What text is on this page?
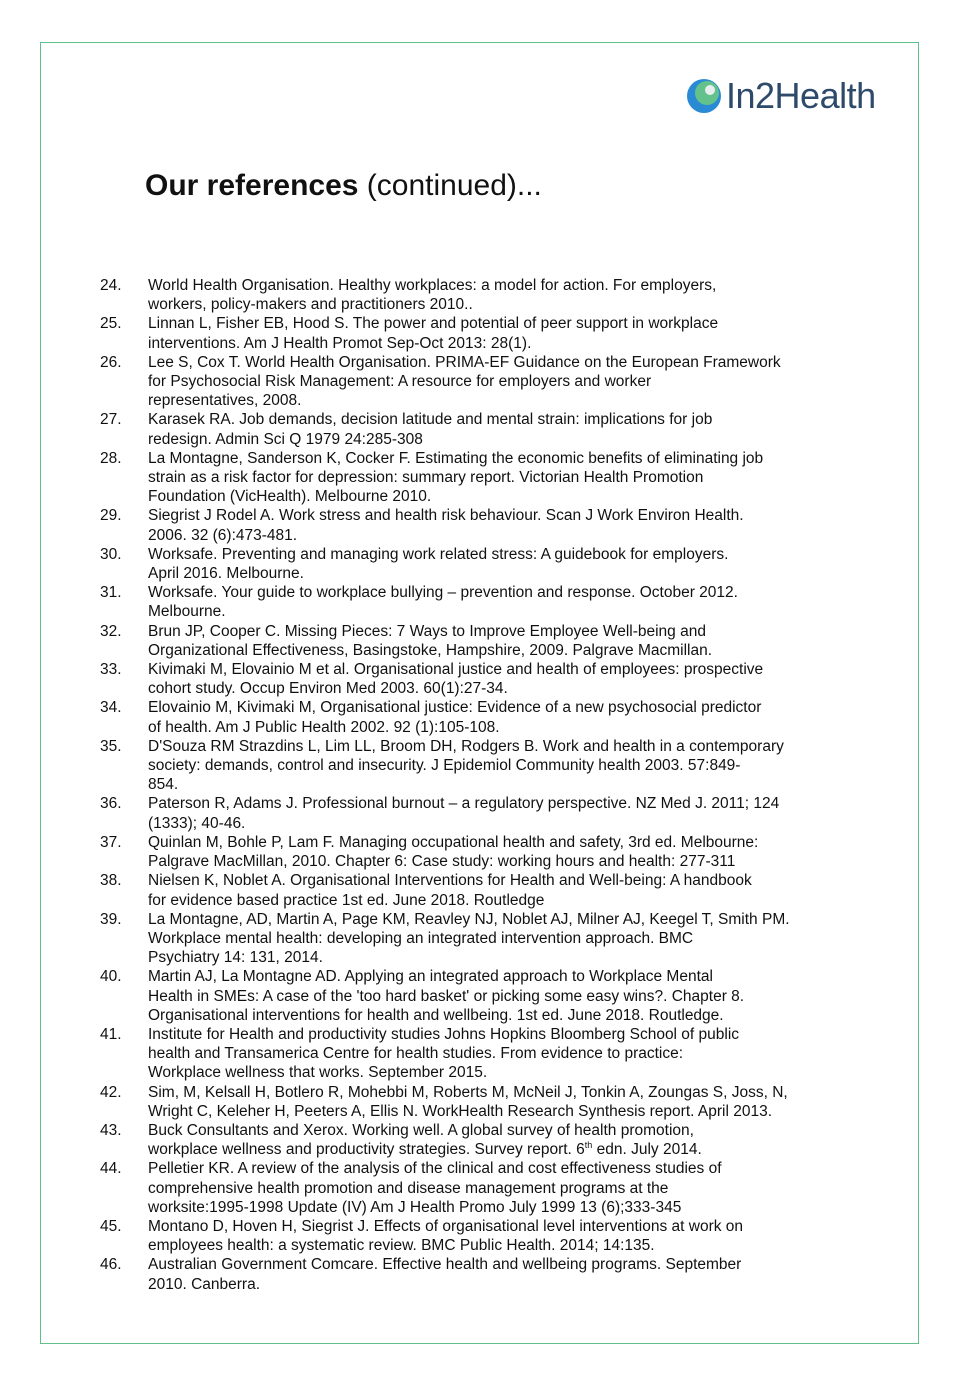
In2Health
Our references (continued)...
24.	World Health Organisation. Healthy workplaces: a model for action. For employers,
workers, policy-makers and practitioners 2010..
25.	Linnan L, Fisher EB, Hood S. The power and potential of peer support in workplace
interventions. Am J Health Promot Sep-Oct 2013: 28(1).
26.	Lee S, Cox T. World Health Organisation. PRIMA-EF Guidance on the European Framework
for Psychosocial Risk Management: A resource for employers and worker
representatives, 2008.
27.	Karasek RA. Job demands, decision latitude and mental strain: implications for job
redesign. Admin Sci Q 1979 24:285-308
28.	La Montagne, Sanderson K, Cocker F. Estimating the economic benefits of eliminating job
strain as a risk factor for depression: summary report. Victorian Health Promotion
Foundation (VicHealth). Melbourne 2010.
29.	Siegrist J Rodel A. Work stress and health risk behaviour. Scan J Work Environ Health.
2006. 32 (6):473-481.
30.	Worksafe. Preventing and managing work related stress: A guidebook for employers.
April 2016. Melbourne.
31.	Worksafe. Your guide to workplace bullying – prevention and response. October 2012.
Melbourne.
32.	Brun JP, Cooper C. Missing Pieces: 7 Ways to Improve Employee Well-being and
Organizational Effectiveness, Basingstoke, Hampshire, 2009. Palgrave Macmillan.
33.	Kivimaki M, Elovainio M et al. Organisational justice and health of employees: prospective
cohort study. Occup Environ Med 2003. 60(1):27-34.
34.	Elovainio M, Kivimaki M, Organisational justice: Evidence of a new psychosocial predictor
of health. Am J Public Health 2002. 92 (1):105-108.
35.	D'Souza RM Strazdins L, Lim LL, Broom DH, Rodgers B. Work and health in a contemporary
society: demands, control and insecurity. J Epidemiol Community health 2003. 57:849-
854.
36.	Paterson R, Adams J. Professional burnout – a regulatory perspective. NZ Med J. 2011; 124
(1333); 40-46.
37.	Quinlan M, Bohle P, Lam F. Managing occupational health and safety, 3rd ed. Melbourne:
Palgrave MacMillan, 2010. Chapter 6: Case study: working hours and health: 277-311
38.	Nielsen K, Noblet A. Organisational Interventions for Health and Well-being: A handbook
for evidence based practice 1st ed. June 2018. Routledge
39.	La Montagne, AD, Martin A, Page KM, Reavley NJ, Noblet AJ, Milner AJ, Keegel T, Smith PM.
Workplace mental health: developing an integrated intervention approach. BMC
Psychiatry 14: 131, 2014.
40.	Martin AJ, La Montagne AD. Applying an integrated approach to Workplace Mental
Health in SMEs: A case of the 'too hard basket' or picking some easy wins?. Chapter 8.
Organisational interventions for health and wellbeing. 1st ed. June 2018. Routledge.
41.	Institute for Health and productivity studies Johns Hopkins Bloomberg School of public
health and Transamerica Centre for health studies. From evidence to practice:
Workplace wellness that works. September 2015.
42.	Sim, M, Kelsall H, Botlero R, Mohebbi M, Roberts M, McNeil J, Tonkin A, Zoungas S, Joss, N,
Wright C, Keleher H, Peeters A, Ellis N. WorkHealth Research Synthesis report. April 2013.
43.	Buck Consultants and Xerox. Working well. A global survey of health promotion,
workplace wellness and productivity strategies. Survey report. 6th edn. July 2014.
44.	Pelletier KR. A review of the analysis of the clinical and cost effectiveness studies of
comprehensive health promotion and disease management programs at the
worksite:1995-1998 Update (IV) Am J Health Promo July 1999 13 (6);333-345
45.	Montano D, Hoven H, Siegrist J. Effects of organisational level interventions at work on
employees health: a systematic review. BMC Public Health. 2014; 14:135.
46.	Australian Government Comcare. Effective health and wellbeing programs. September
2010. Canberra.
